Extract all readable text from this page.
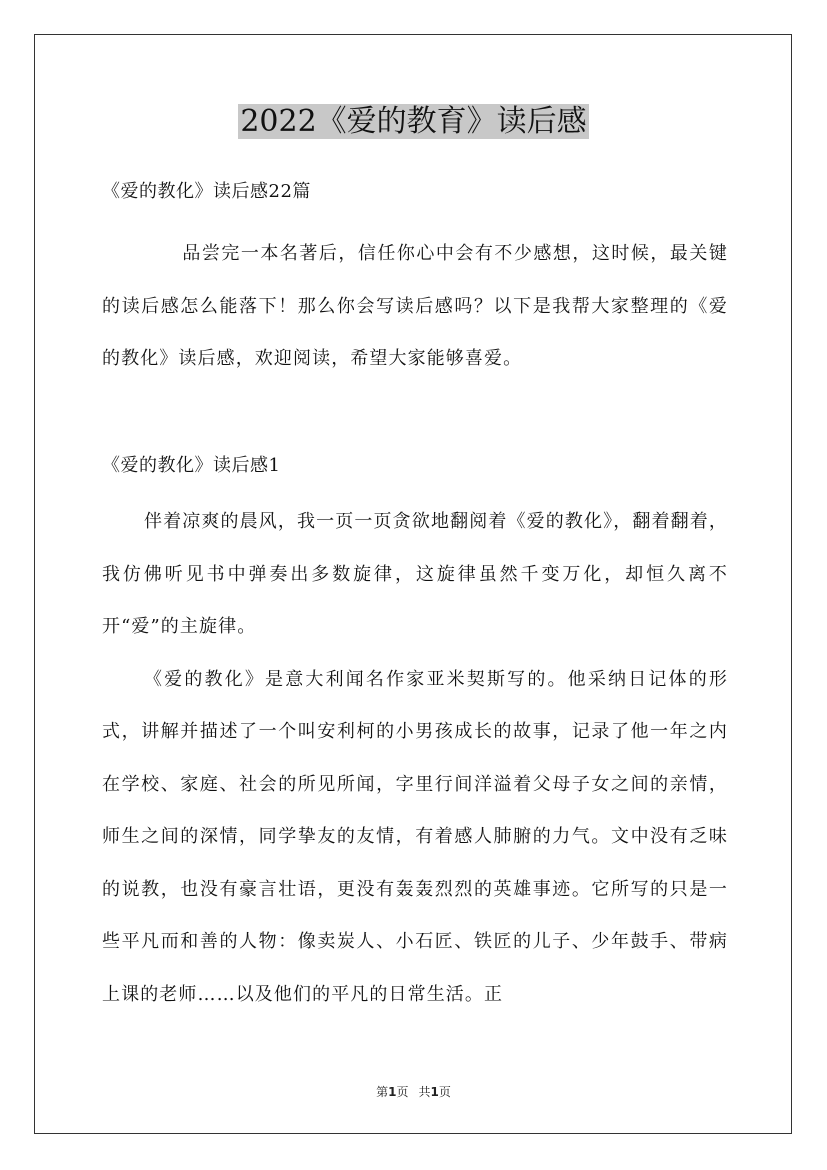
2022《爱的教育》读后感
《爱的教化》读后感22篇
品尝完一本名著后，信任你心中会有不少感想，这时候，最关键的读后感怎么能落下！那么你会写读后感吗？以下是我帮大家整理的《爱的教化》读后感，欢迎阅读，希望大家能够喜爱。
《爱的教化》读后感1

伴着凉爽的晨风，我一页一页贪欲地翻阅着《爱的教化》，翻着翻着，我仿佛听见书中弹奏出多数旋律，这旋律虽然千变万化，却恒久离不开“爱”的主旋律。

《爱的教化》是意大利闻名作家亚米契斯写的。他采纳日记体的形式，讲解并描述了一个叫安利柯的小男孩成长的故事，记录了他一年之内在学校、家庭、社会的所见所闻，字里行间洋溢着父母子女之间的亲情，师生之间的深情，同学挚友的友情，有着感人肺腑的力气。文中没有乏味的说教，也没有豪言壮语，更没有轰轰烈烈的英雄事迹。它所写的只是一些平凡而和善的人物：像卖炭人、小石匠、铁匠的儿子、少年鼓手、带病上课的老师……以及他们的平凡的日常生活。正

第1页 共1页
